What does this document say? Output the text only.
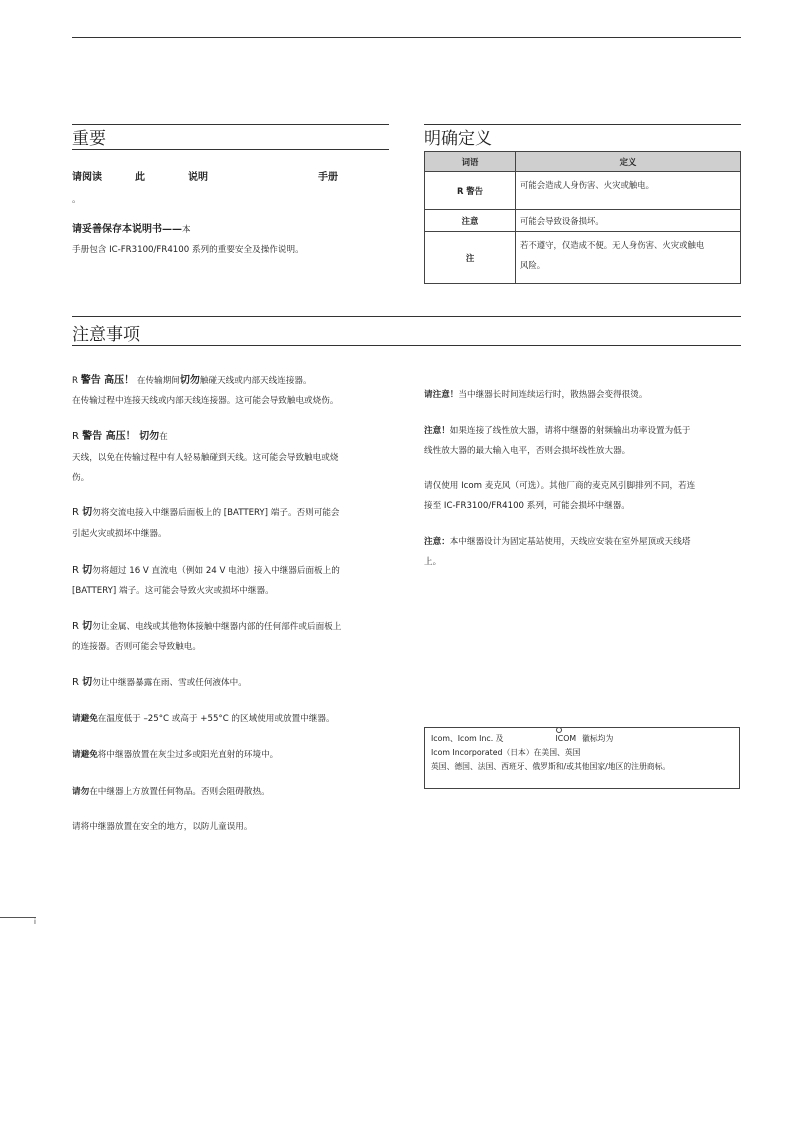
重要
请阅读	此	说明	手册
。
请妥善保存本说明书——本
手册包含 IC-FR3100/FR4100 系列的重要安全及操作说明。
明确定义
词语	定义
R 警告	可能会造成人身伤害、火灾或触电。
注意	可能会导致设备损坏。
注	若不遵守，仅造成不便。无人身伤害、火灾或触电
风险。
注意事项
R 警告 高压！ 在传输期间切勿触碰天线或内部天线连接器。
在传输过程中连接天线或内部天线连接器。这可能会导致触电或烧伤。
R 警告 高压！ 切勿在
天线，以免在传输过程中有人轻易触碰到天线。这可能会导致触电或烧
伤。
R 切勿将交流电接入中继器后面板上的 [BATTERY] 端子。否则可能会
引起火灾或损坏中继器。
R 切勿将超过 16 V 直流电（例如 24 V 电池）接入中继器后面板上的
[BATTERY] 端子。这可能会导致火灾或损坏中继器。
R 切勿让金属、电线或其他物体接触中继器内部的任何部件或后面板上
的连接器。否则可能会导致触电。
R 切勿让中继器暴露在雨、雪或任何液体中。
请避免在温度低于 –25°C 或高于 +55°C 的区域使用或放置中继器。
请避免将中继器放置在灰尘过多或阳光直射的环境中。
请勿在中继器上方放置任何物品。否则会阻碍散热。
请将中继器放置在安全的地方，以防儿童误用。
请注意！当中继器长时间连续运行时，散热器会变得很烫。
注意！如果连接了线性放大器，请将中继器的射频输出功率设置为低于
线性放大器的最大输入电平，否则会损坏线性放大器。
请仅使用 Icom 麦克风（可选）。其他厂商的麦克风引脚排列不同，若连
接至 IC-FR3100/FR4100 系列，可能会损坏中继器。
注意：本中继器设计为固定基站使用，天线应安装在室外屋顶或天线塔
上。
Icom、Icom Inc. 及	ICOM 徽标均为
Icom Incorporated（日本）在美国、英国
英国、德国、法国、西班牙、俄罗斯和/或其他国家/地区的注册商标。
i
